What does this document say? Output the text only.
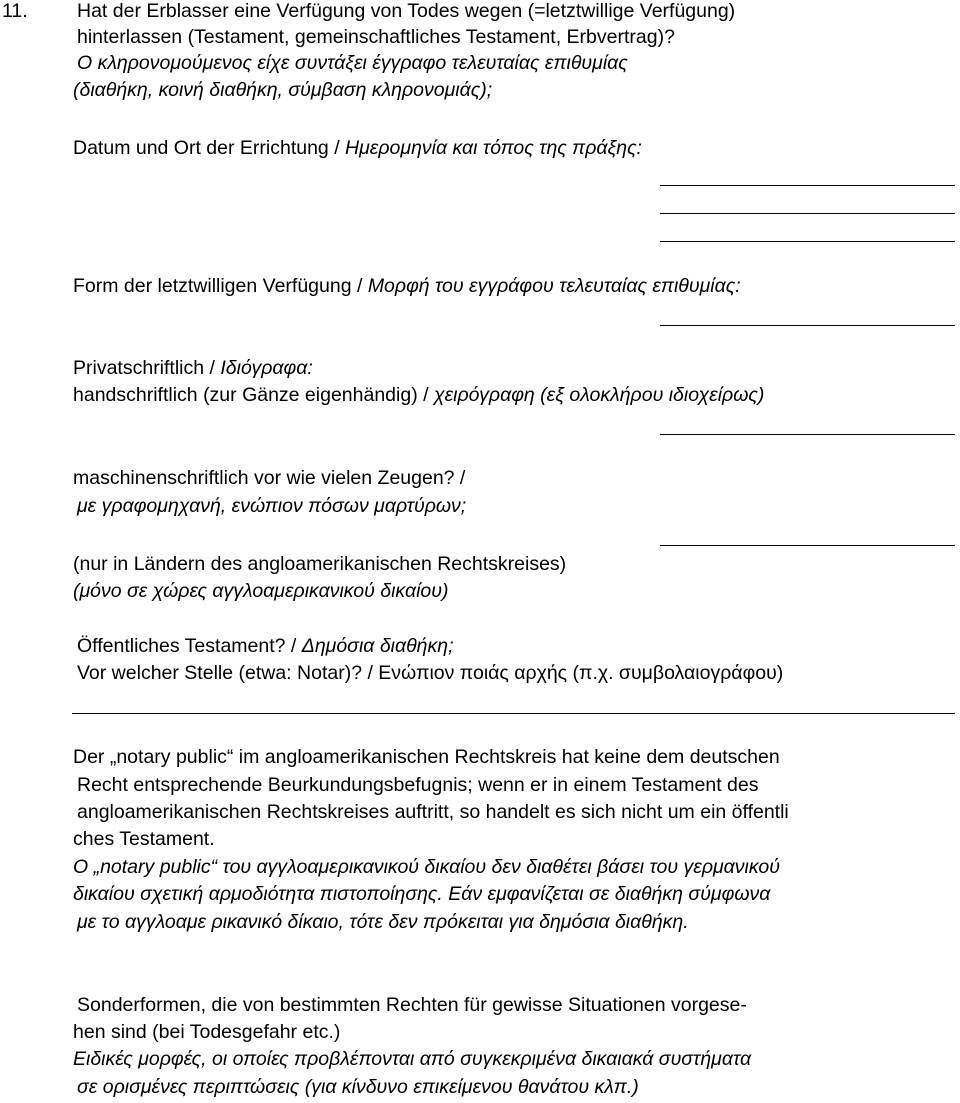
11.	Hat der Erblasser eine Verfügung von Todes wegen (=letztwillige Verfügung)
hinterlassen (Testament, gemeinschaftliches Testament, Erbvertrag)?
Ο κληρονομούμενος είχε συντάξει έγγραφο τελευταίας επιθυμίας
(διαθήκη, κοινή διαθήκη, σύμβαση κληρονομιάς);
Datum und Ort der Errichtung / Ημερομηνία και τόπος της πράξης:
Form der letztwilligen Verfügung / Μορφή του εγγράφου τελευταίας επιθυμίας:
Privatschriftlich / Ιδιόγραφα:
handschriftlich (zur Gänze eigenhändig) / χειρόγραφη (εξ ολοκλήρου ιδιοχείρως)
maschinenschriftlich vor wie vielen Zeugen? /
με γραφομηχανή, ενώπιον πόσων μαρτύρων;
(nur in Ländern des angloamerikanischen Rechtskreises)
(μόνο σε χώρες αγγλοαμερικανικού δικαίου)
Öffentliches Testament? / Δημόσια διαθήκη;
Vor welcher Stelle (etwa: Notar)? / Ενώπιον ποιάς αρχής (π.χ. συμβολαιογράφου)
Der „notary public“ im angloamerikanischen Rechtskreis hat keine dem deutschen
Recht entsprechende Beurkundungsbefugnis; wenn er in einem Testament des
angloamerikanischen Rechtskreises auftritt, so handelt es sich nicht um ein öffentli
ches Testament.
Ο „notary public“ του αγγλοαμερικανικού δικαίου δεν διαθέτει βάσει του γερμανικού
δικαίου σχετική αρμοδιότητα πιστοποίησης. Εάν εμφανίζεται σε διαθήκη σύμφωνα
με το αγγλοαμε ρικανικό δίκαιο, τότε δεν πρόκειται για δημόσια διαθήκη.
Sonderformen, die von bestimmten Rechten für gewisse Situationen vorgese-
hen sind (bei Todesgefahr etc.)
Ειδικές μορφές, οι οποίες προβλέπονται από συγκεκριμένα δικαιακά συστήματα
σε ορισμένες περιπτώσεις (για κίνδυνο επικείμενου θανάτου κλπ.)
